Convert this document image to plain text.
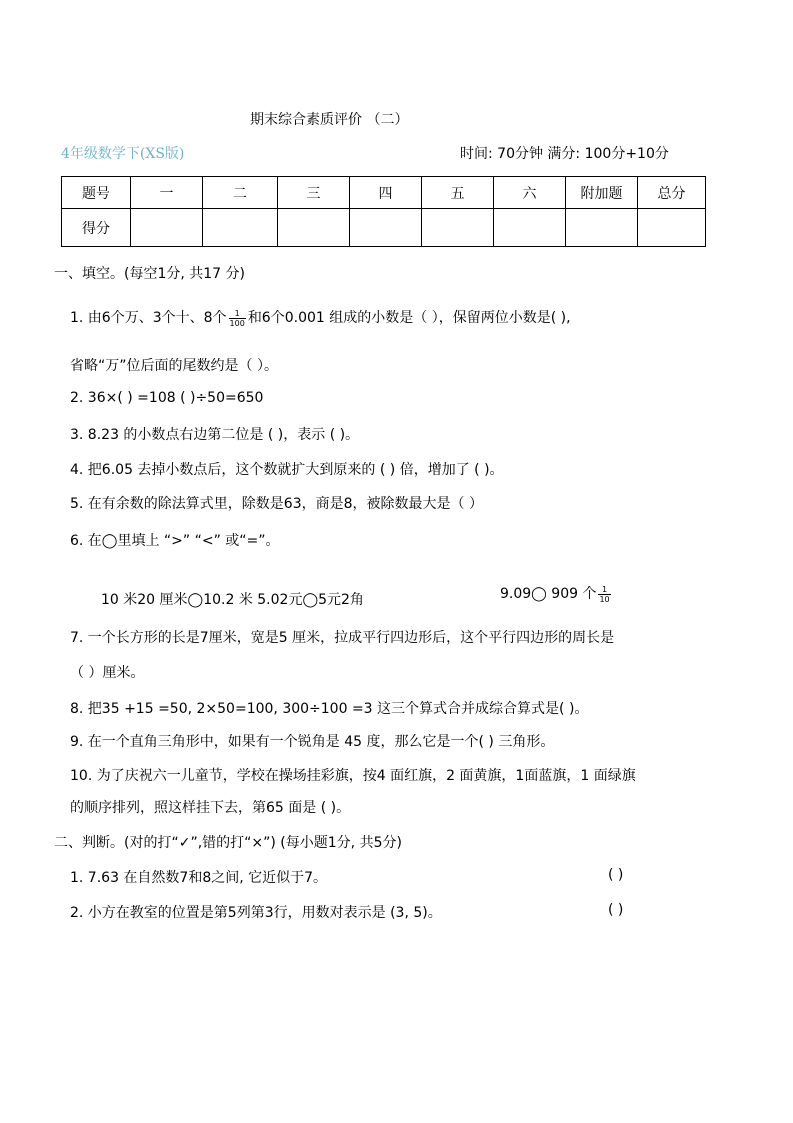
期末综合素质评价 （二）
4年级数学下(XS版)	时间: 70分钟 满分: 100分+10分
题号	一	二	三	四	五	六	附加题	总分
得分								
一、填空。(每空1分, 共17 分)
1. 由6个万、3个十、8个 $\frac{1}{100}$ 和6个0.001 组成的小数是（ ），保留两位小数是( ),
省略“万”位后面的尾数约是（ ）。
2. 36×( ) =108 ( )÷50=650
3. 8.23 的小数点右边第二位是 ( )，表示 ( )。
4. 把6.05 去掉小数点后，这个数就扩大到原来的 ( ) 倍，增加了 ( )。
5. 在有余数的除法算式里，除数是63，商是8，被除数最大是（ ）
6. 在◯里填上 “>” “<” 或“=”。
10 米20 厘米◯10.2 米 5.02元◯5元2角	9.09◯ 909 个 $\frac{1}{10}$
7. 一个长方形的长是7厘米，宽是5 厘米，拉成平行四边形后，这个平行四边形的周长是
（ ）厘米。
8. 把35 +15 =50, 2×50=100, 300÷100 =3 这三个算式合并成综合算式是( )。
9. 在一个直角三角形中，如果有一个锐角是 45 度，那么它是一个( ) 三角形。
10. 为了庆祝六一儿童节，学校在操场挂彩旗，按4 面红旗，2 面黄旗，1面蓝旗，1 面绿旗
的顺序排列，照这样挂下去，第65 面是 ( )。
二、判断。(对的打“✓”,错的打“×”) (每小题1分, 共5分)
1. 7.63 在自然数7和8之间, 它近似于7。	( )
2. 小方在教室的位置是第5列第3行，用数对表示是 (3, 5)。	( )
